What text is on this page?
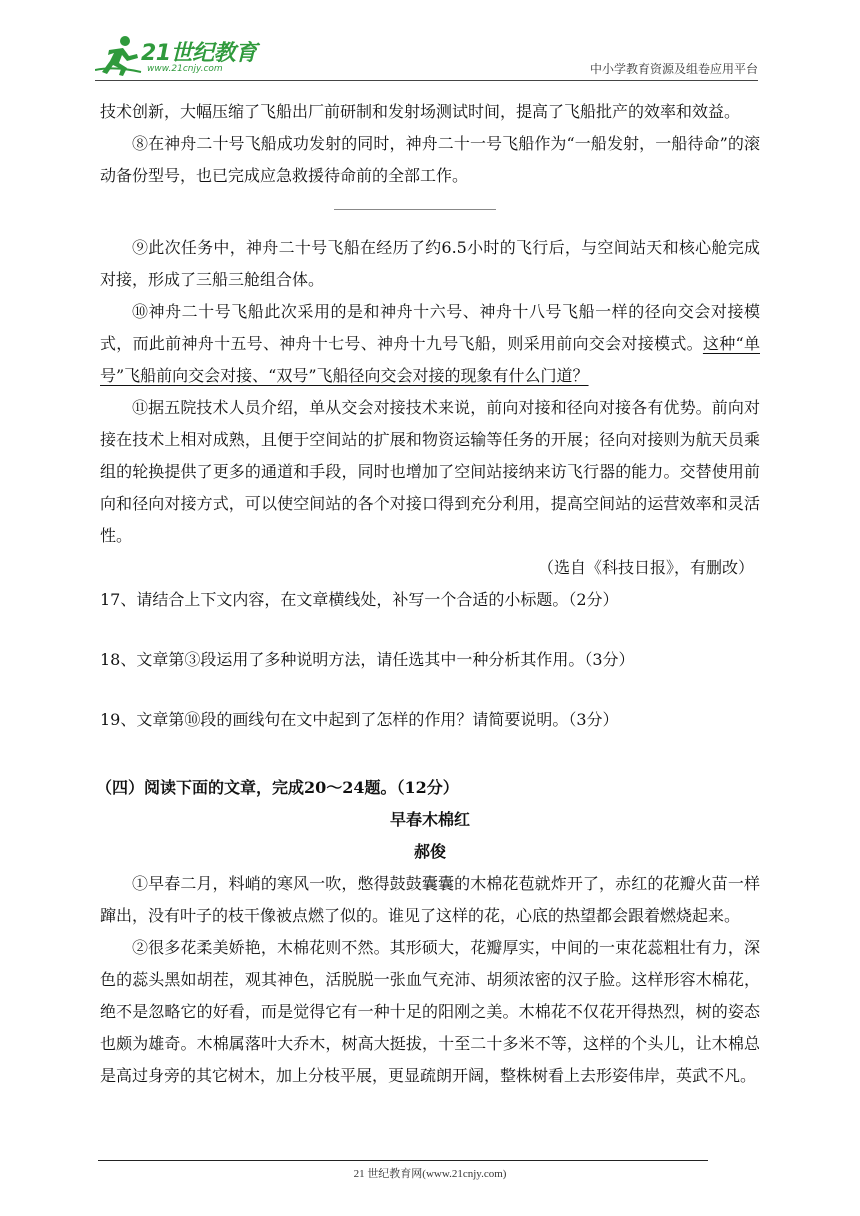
21世纪教育
www.21cnjy.com	中小学教育资源及组卷应用平台

技术创新，大幅压缩了飞船出厂前研制和发射场测试时间，提高了飞船批产的效率和效益。

⑧在神舟二十号飞船成功发射的同时，神舟二十一号飞船作为“一船发射，一船待命”的滚动备份型号，也已完成应急救援待命前的全部工作。

⑨此次任务中，神舟二十号飞船在经历了约6.5小时的飞行后，与空间站天和核心舱完成对接，形成了三船三舱组合体。

⑩神舟二十号飞船此次采用的是和神舟十六号、神舟十八号飞船一样的径向交会对接模式，而此前神舟十五号、神舟十七号、神舟十九号飞船，则采用前向交会对接模式。这种“单号”飞船前向交会对接、“双号”飞船径向交会对接的现象有什么门道？

⑪据五院技术人员介绍，单从交会对接技术来说，前向对接和径向对接各有优势。前向对接在技术上相对成熟，且便于空间站的扩展和物资运输等任务的开展；径向对接则为航天员乘组的轮换提供了更多的通道和手段，同时也增加了空间站接纳来访飞行器的能力。交替使用前向和径向对接方式，可以使空间站的各个对接口得到充分利用，提高空间站的运营效率和灵活性。

（选自《科技日报》，有删改）

17、请结合上下文内容，在文章横线处，补写一个合适的小标题。（2分）

18、文章第③段运用了多种说明方法，请任选其中一种分析其作用。（3分）

19、文章第⑩段的画线句在文中起到了怎样的作用？请简要说明。（3分）

（四）阅读下面的文章，完成20～24题。（12分）

早春木棉红

郝俊

①早春二月，料峭的寒风一吹，憋得鼓鼓囊囊的木棉花苞就炸开了，赤红的花瓣火苗一样蹿出，没有叶子的枝干像被点燃了似的。谁见了这样的花，心底的热望都会跟着燃烧起来。

②很多花柔美娇艳，木棉花则不然。其形硕大，花瓣厚实，中间的一束花蕊粗壮有力，深色的蕊头黑如胡茬，观其神色，活脱脱一张血气充沛、胡须浓密的汉子脸。这样形容木棉花，绝不是忽略它的好看，而是觉得它有一种十足的阳刚之美。木棉花不仅花开得热烈，树的姿态也颇为雄奇。木棉属落叶大乔木，树高大挺拔，十至二十多米不等，这样的个头儿，让木棉总是高过身旁的其它树木，加上分枝平展，更显疏朗开阔，整株树看上去形姿伟岸，英武不凡。

21 世纪教育网(www.21cnjy.com)
